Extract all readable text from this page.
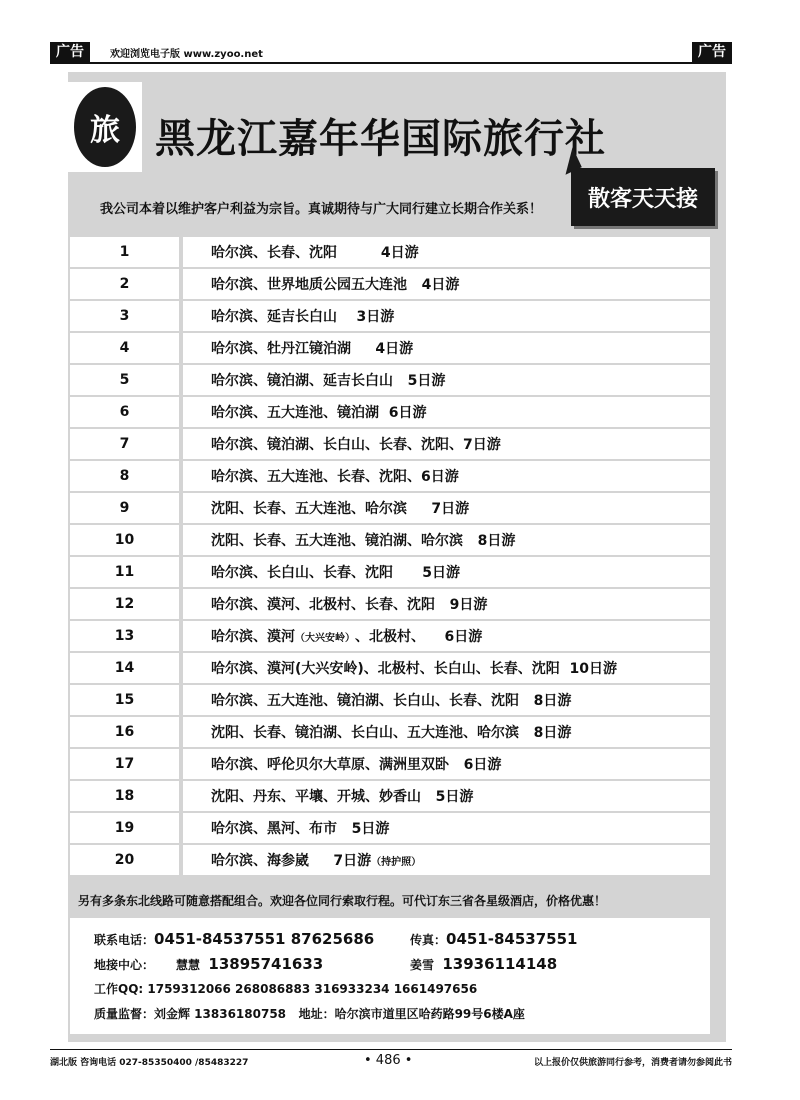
广告	欢迎浏览电子版 www.zyoo.net	广告
旅 黑龙江嘉年华国际旅行社
散客天天接
我公司本着以维护客户利益为宗旨。真诚期待与广大同行建立长期合作关系！
1	哈尔滨、长春、沈阳         4日游
2	哈尔滨、世界地质公园五大连池   4日游
3	哈尔滨、延吉长白山    3日游
4	哈尔滨、牡丹江镜泊湖     4日游
5	哈尔滨、镜泊湖、延吉长白山   5日游
6	哈尔滨、五大连池、镜泊湖  6日游
7	哈尔滨、镜泊湖、长白山、长春、沈阳、7日游
8	哈尔滨、五大连池、长春、沈阳、6日游
9	沈阳、长春、五大连池、哈尔滨     7日游
10	沈阳、长春、五大连池、镜泊湖、哈尔滨   8日游
11	哈尔滨、长白山、长春、沈阳      5日游
12	哈尔滨、漠河、北极村、长春、沈阳   9日游
13	哈尔滨、漠河 （大兴安岭） 、北极村、    6日游
14	哈尔滨、漠河(大兴安岭)、北极村、长白山、长春、沈阳  10日游
15	哈尔滨、五大连池、镜泊湖、长白山、长春、沈阳   8日游
16	沈阳、长春、镜泊湖、长白山、五大连池、哈尔滨   8日游
17	哈尔滨、呼伦贝尔大草原、满洲里双卧   6日游
18	沈阳、丹东、平壤、开城、妙香山   5日游
19	哈尔滨、黑河、布市   5日游
20	哈尔滨、海参崴     7日游 （持护照）
另有多条东北线路可随意搭配组合。欢迎各位同行索取行程。可代订东三省各星级酒店，价格优惠！
联系电话：0451-84537551 87625686	传真：0451-84537551
地接中心： 慧慧 13895741633	姜雪 13936114148
工作QQ: 1759312066 268086883 316933234 1661497656
质量监督：刘金辉 13836180758 地址：哈尔滨市道里区哈药路99号6楼A座
湖北版 咨询电话 027-85350400 /85483227	• 486 •	以上报价仅供旅游同行参考，消费者请勿参阅此书
